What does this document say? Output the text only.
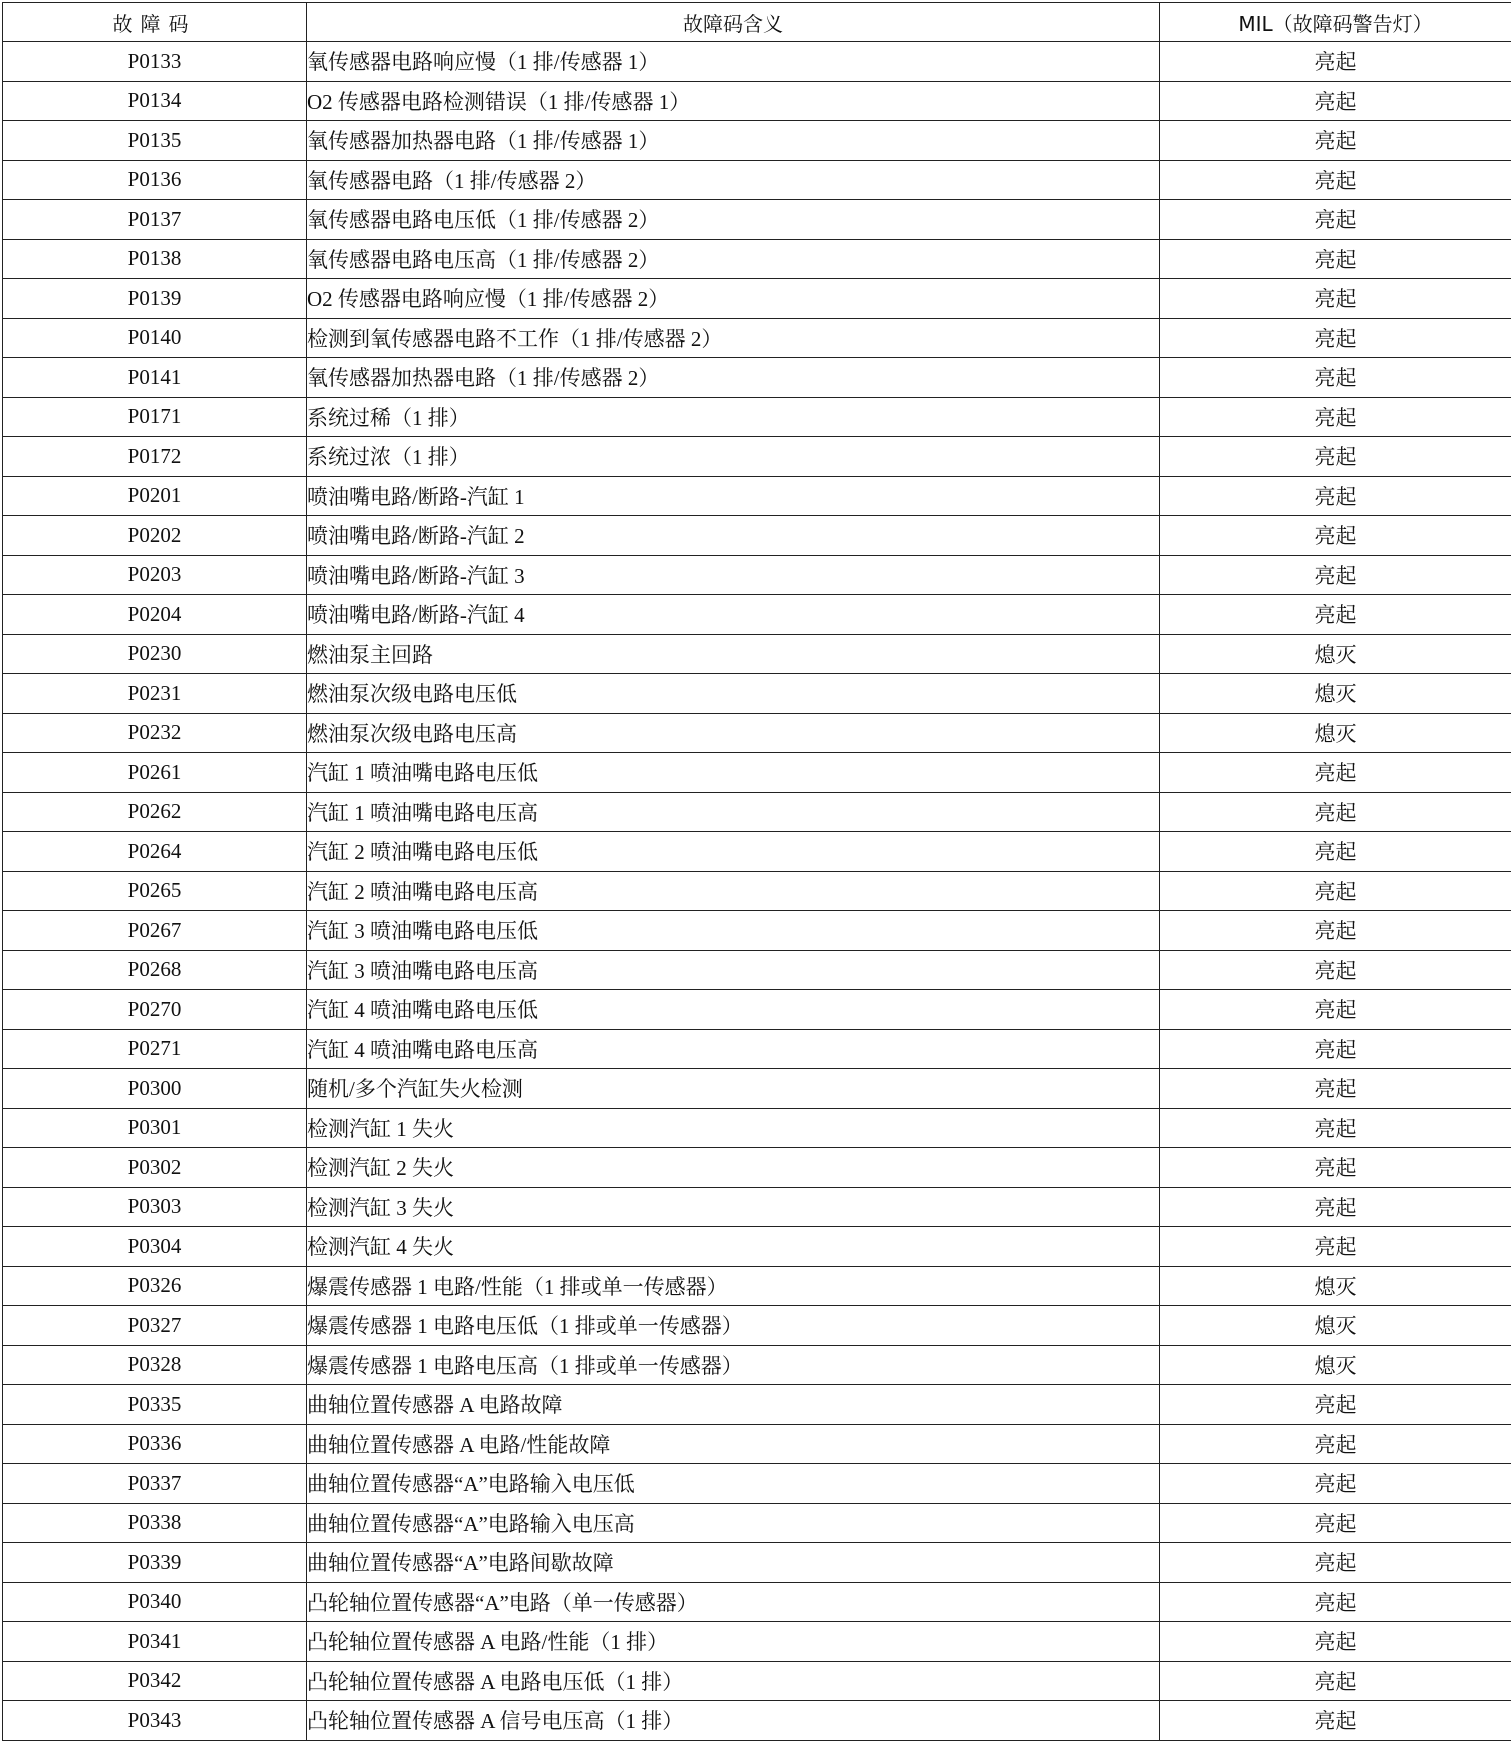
故障码	故障码含义	MIL（故障码警告灯）
P0133	氧传感器电路响应慢（1 排/传感器 1）	亮起
P0134	O2 传感器电路检测错误（1 排/传感器 1）	亮起
P0135	氧传感器加热器电路（1 排/传感器 1）	亮起
P0136	氧传感器电路（1 排/传感器 2）	亮起
P0137	氧传感器电路电压低（1 排/传感器 2）	亮起
P0138	氧传感器电路电压高（1 排/传感器 2）	亮起
P0139	O2 传感器电路响应慢（1 排/传感器 2）	亮起
P0140	检测到氧传感器电路不工作（1 排/传感器 2）	亮起
P0141	氧传感器加热器电路（1 排/传感器 2）	亮起
P0171	系统过稀（1 排）	亮起
P0172	系统过浓（1 排）	亮起
P0201	喷油嘴电路/断路-汽缸 1	亮起
P0202	喷油嘴电路/断路-汽缸 2	亮起
P0203	喷油嘴电路/断路-汽缸 3	亮起
P0204	喷油嘴电路/断路-汽缸 4	亮起
P0230	燃油泵主回路	熄灭
P0231	燃油泵次级电路电压低	熄灭
P0232	燃油泵次级电路电压高	熄灭
P0261	汽缸 1 喷油嘴电路电压低	亮起
P0262	汽缸 1 喷油嘴电路电压高	亮起
P0264	汽缸 2 喷油嘴电路电压低	亮起
P0265	汽缸 2 喷油嘴电路电压高	亮起
P0267	汽缸 3 喷油嘴电路电压低	亮起
P0268	汽缸 3 喷油嘴电路电压高	亮起
P0270	汽缸 4 喷油嘴电路电压低	亮起
P0271	汽缸 4 喷油嘴电路电压高	亮起
P0300	随机/多个汽缸失火检测	亮起
P0301	检测汽缸 1 失火	亮起
P0302	检测汽缸 2 失火	亮起
P0303	检测汽缸 3 失火	亮起
P0304	检测汽缸 4 失火	亮起
P0326	爆震传感器 1 电路/性能（1 排或单一传感器）	熄灭
P0327	爆震传感器 1 电路电压低（1 排或单一传感器）	熄灭
P0328	爆震传感器 1 电路电压高（1 排或单一传感器）	熄灭
P0335	曲轴位置传感器 A 电路故障	亮起
P0336	曲轴位置传感器 A 电路/性能故障	亮起
P0337	曲轴位置传感器“A”电路输入电压低	亮起
P0338	曲轴位置传感器“A”电路输入电压高	亮起
P0339	曲轴位置传感器“A”电路间歇故障	亮起
P0340	凸轮轴位置传感器“A”电路（单一传感器）	亮起
P0341	凸轮轴位置传感器 A 电路/性能（1 排）	亮起
P0342	凸轮轴位置传感器 A 电路电压低（1 排）	亮起
P0343	凸轮轴位置传感器 A 信号电压高（1 排）	亮起
